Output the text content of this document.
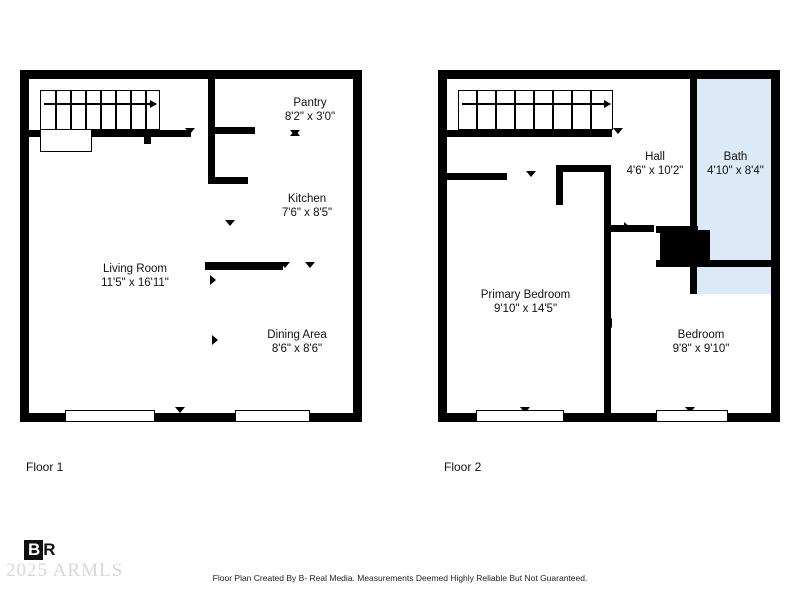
Pantry
8'2" x 3'0"
Kitchen
7'6" x 8'5"
Living Room
11'5" x 16'11"
Dining Area
8'6" x 8'6"
Floor 1
Hall
4'6" x 10'2"
Bath
4'10" x 8'4"
Primary Bedroom
9'10" x 14'5"
Bedroom
9'8" x 9'10"
Floor 2
B R
2025 ARMLS	Floor Plan Created By B- Real Media. Measurements Deemed Highly Reliable But Not Guaranteed.
